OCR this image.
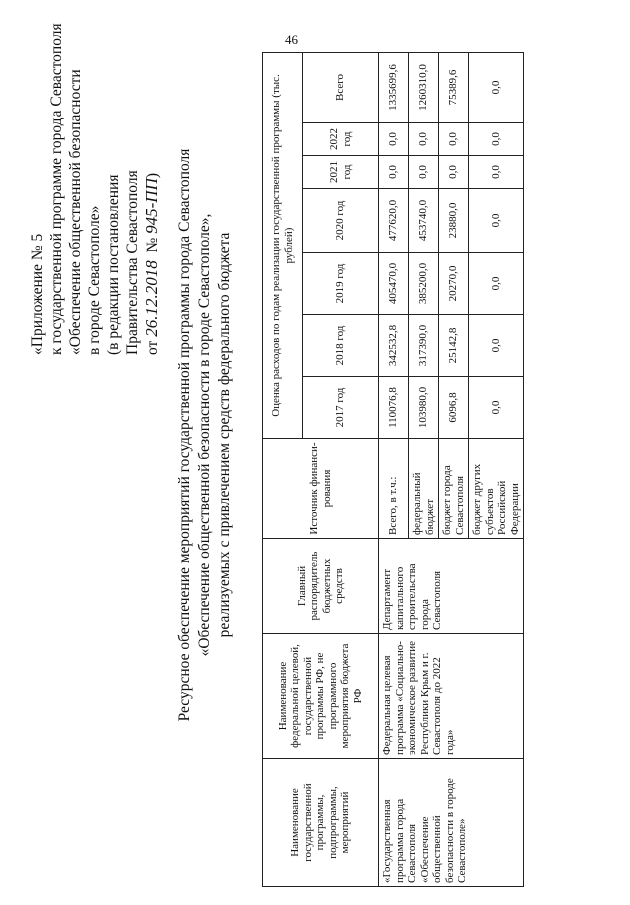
46
«Приложение № 5 к государственной программе города Севастополя «Обеспечение общественной безопасности в городе Севастополе» (в редакции постановления Правительства Севастополя от 26.12.2018  № 945-ПП) Ресурсное обеспечение мероприятий государственной программы города Севастополя «Обеспечение общественной безопасности в городе Севастополе», реализуемых с привлечением средств федерального бюджета
Наименование государственной программы, подпрограммы, мероприятий	Наименование федеральной целевой, государственной программы РФ, не программного мероприятия бюджета РФ	Главный распорядитель бюджетных средств	Источник финанси-рования	Оценка расходов по годам реализации государственной программы (тыс. рублей)						
				2017 год	2018 год	2019 год	2020 год	2021 год	2022 год	Всего
«Государственная программа города Севастополя «Обеспечение общественной безопасности в городе Севастополе»	Федеральная целевая программа «Социально-экономическое развитие Республики Крым и г. Севастополя до 2022 года»	Департамент капитального строительства города Севастополя	Всего, в т.ч.:	110076,8	342532,8	405470,0	477620,0	0,0	0,0	1335699,6
			федеральный бюджет	103980,0	317390,0	385200,0	453740,0	0,0	0,0	1260310,0
			бюджет города Севастополя	6096,8	25142,8	20270,0	23880,0	0,0	0,0	75389,6
			бюджет других субъектов Российской Федерации	0,0	0,0	0,0	0,0	0,0	0,0	0,0
